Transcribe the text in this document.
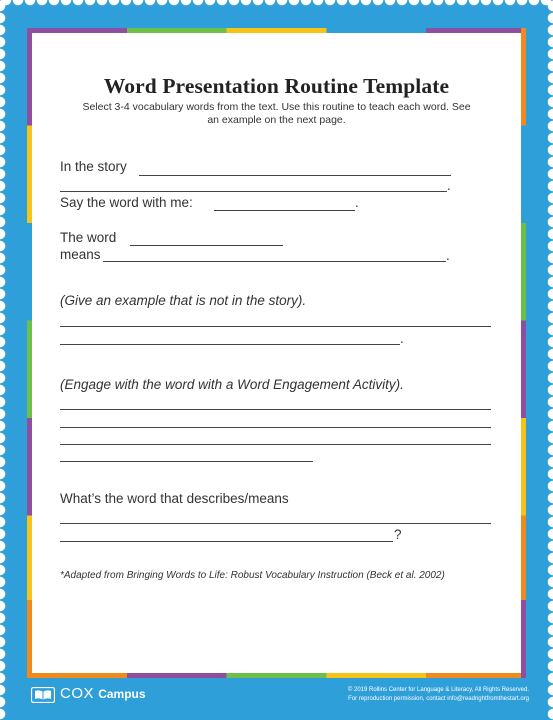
Word Presentation Routine Template
Select 3-4 vocabulary words from the text. Use this routine to teach each word. See
an example on the next page.
In the story
.
Say the word with me:	.
The word
means	.
(Give an example that is not in the story).
.
(Engage with the word with a Word Engagement Activity).
What’s the word that describes/means
?
*Adapted from Bringing Words to Life: Robust Vocabulary Instruction (Beck et al. 2002)
COX Campus	© 2019 Rollins Center for Language & Literacy, All Rights Reserved.
For reproduction permission, contact info@readrightfromthestart.org
